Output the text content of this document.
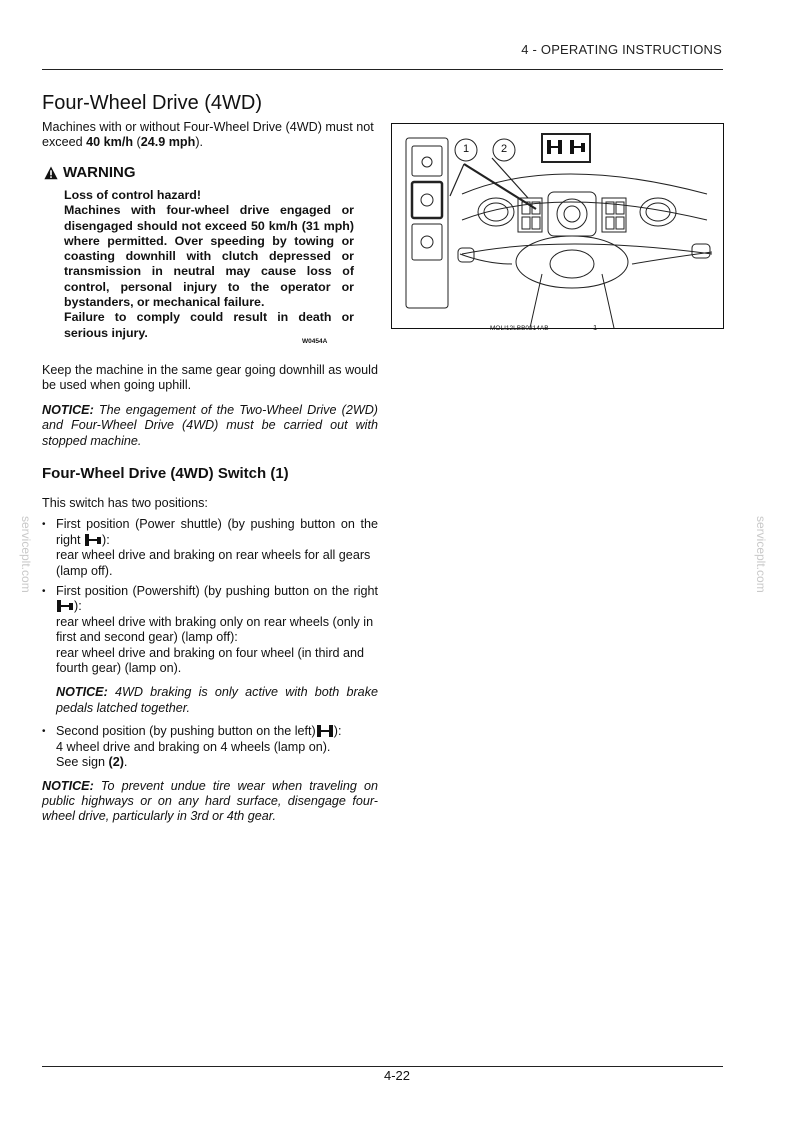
4 - OPERATING INSTRUCTIONS
Four-Wheel Drive (4WD)

Machines with or without Four-Wheel Drive (4WD) must not exceed 40 km/h (24.9 mph).

WARNING
Loss of control hazard!
Machines with four-wheel drive engaged or disengaged should not exceed 50 km/h (31 mph) where permitted. Over speeding by towing or coasting downhill with clutch depressed or transmission in neutral may cause loss of control, personal injury to the operator or bystanders, or mechanical failure.
Failure to comply could result in death or serious injury.
W0454A

Keep the machine in the same gear going downhill as would be used when going uphill.

NOTICE: The engagement of the Two-Wheel Drive (2WD) and Four-Wheel Drive (4WD) must be carried out with stopped machine.

Four-Wheel Drive (4WD) Switch (1)

This switch has two positions:

• First position (Power shuttle) (by pushing button on the right ):
rear wheel drive and braking on rear wheels for all gears (lamp off).
• First position (Powershift) (by pushing button on the right ):
rear wheel drive with braking only on rear wheels (only in first and second gear) (lamp off):
rear wheel drive and braking on four wheel (in third and fourth gear) (lamp on).

NOTICE: 4WD braking is only active with both brake pedals latched together.

• Second position (by pushing button on the left) ):
4 wheel drive and braking on 4 wheels (lamp on).
See sign (2).

NOTICE: To prevent undue tire wear when traveling on public highways or on any hard surface, disengage four-wheel drive, particularly in 3rd or 4th gear.

1	2
MOLI12LBB0214AB	1
serviceplt.com	serviceplt.com
4-22
